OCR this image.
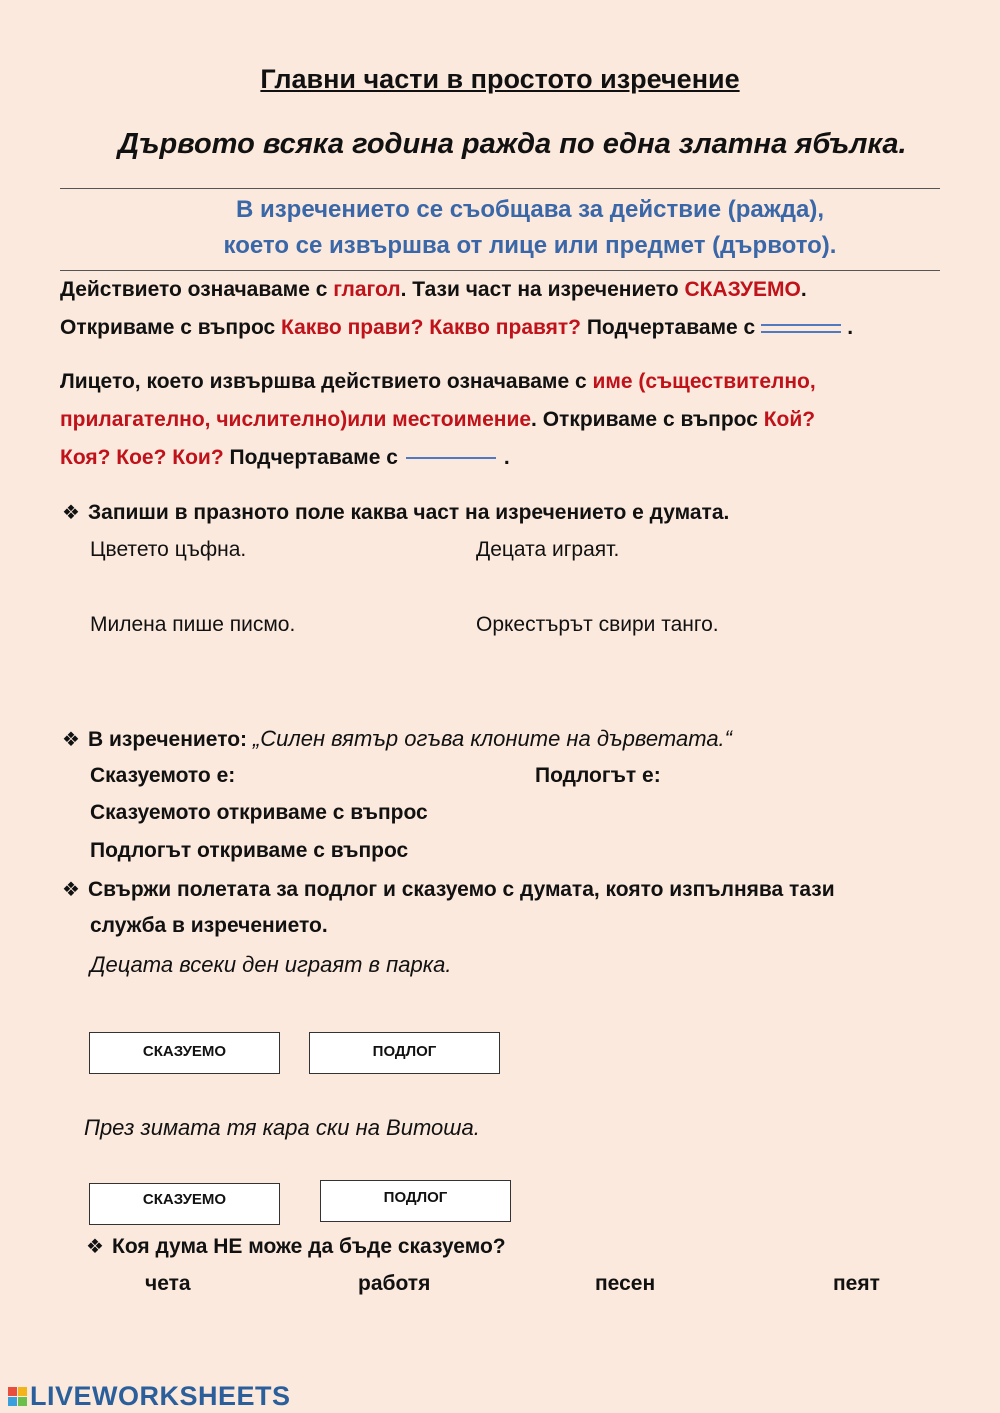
Главни части в простото изречение
Дървото всяка година ражда по една златна ябълка.
В изречението се съобщава за действие (ражда),
което се извършва от лице или предмет (дървото).
Действието означаваме с глагол. Тази част на изречението СКАЗУЕМО.
Откриваме с въпрос Какво прави? Какво правят? Подчертаваме с	.
Лицето, което извършва действието означаваме с име (съществително,
прилагателно, числително)или местоимение. Откриваме с въпрос Кой?
Коя? Кое? Кои? Подчертаваме с	.
❖ Запиши в празното поле каква част на изречението е думата.
Цветето цъфна.	Децата играят.
Милена пише писмо.	Оркестърът свири танго.
❖ В изречението: „Силен вятър огъва клоните на дърветата.“
Сказуемото е:	Подлогът е:
Сказуемото откриваме с въпрос
Подлогът откриваме с въпрос
❖ Свържи полетата за подлог и сказуемо с думата, която изпълнява тази
служба в изречението.
Децата всеки ден играят в парка.
СКАЗУЕМО	ПОДЛОГ
През зимата тя кара ски на Витоша.
СКАЗУЕМО	ПОДЛОГ
❖ Коя дума НЕ може да бъде сказуемо?
чета	работя	песен	пеят
LIVEWORKSHEETS
